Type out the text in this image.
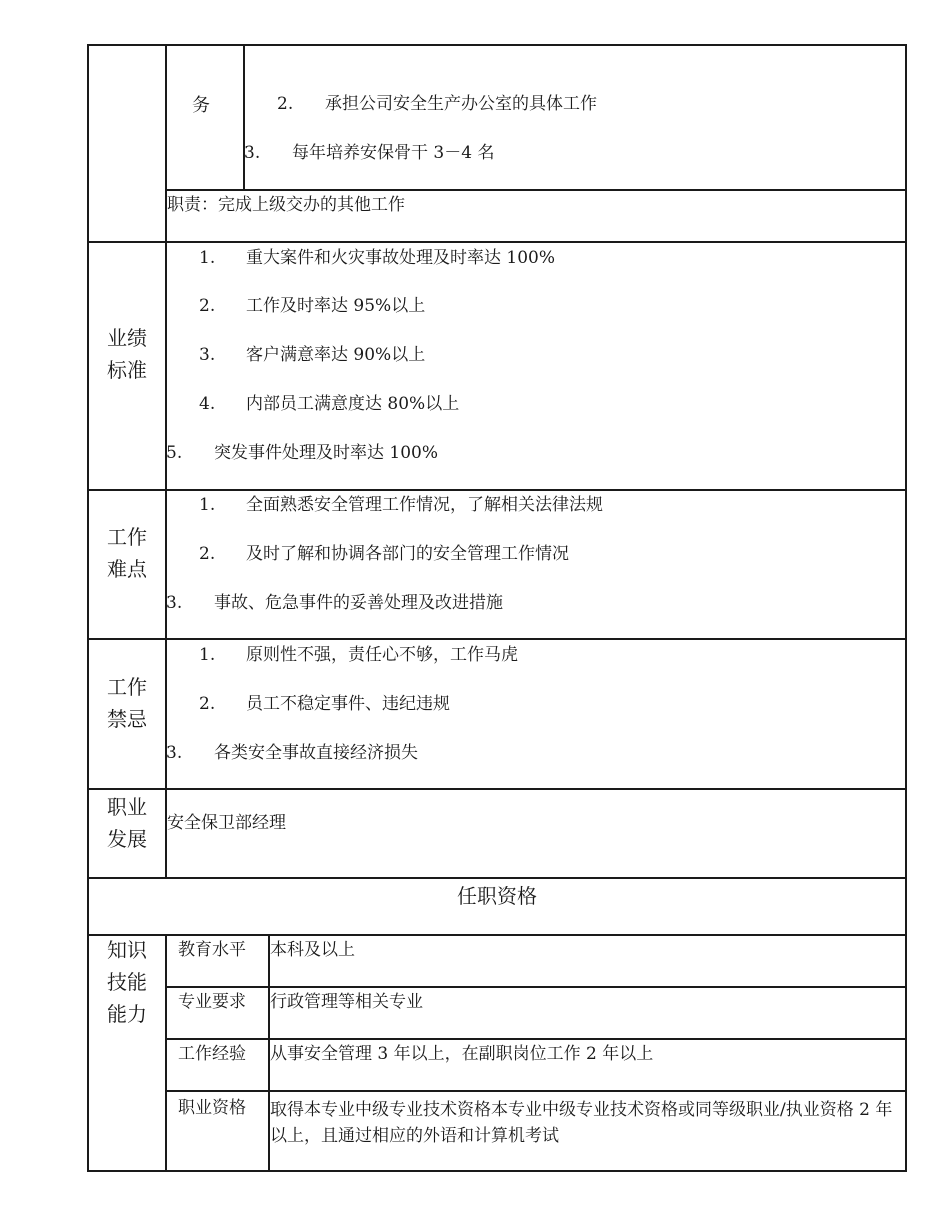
务	2. 承担公司安全生产办公室的具体工作
3. 每年培养安保骨干 3－4 名
职责：完成上级交办的其他工作
业绩
标准
1. 重大案件和火灾事故处理及时率达 100%
2. 工作及时率达 95%以上
3. 客户满意率达 90%以上
4. 内部员工满意度达 80%以上
5. 突发事件处理及时率达 100%
工作
难点
1. 全面熟悉安全管理工作情况，了解相关法律法规
2. 及时了解和协调各部门的安全管理工作情况
3. 事故、危急事件的妥善处理及改进措施
工作
禁忌
1. 原则性不强，责任心不够，工作马虎
2. 员工不稳定事件、违纪违规
3. 各类安全事故直接经济损失
职业
发展
安全保卫部经理
任职资格
知识
技能
能力
教育水平 本科及以上
专业要求 行政管理等相关专业
工作经验 从事安全管理 3 年以上，在副职岗位工作 2 年以上
职业资格 取得本专业中级专业技术资格本专业中级专业技术资格或同等级职业/执业资格 2 年以上，且通过相应的外语和计算机考试
